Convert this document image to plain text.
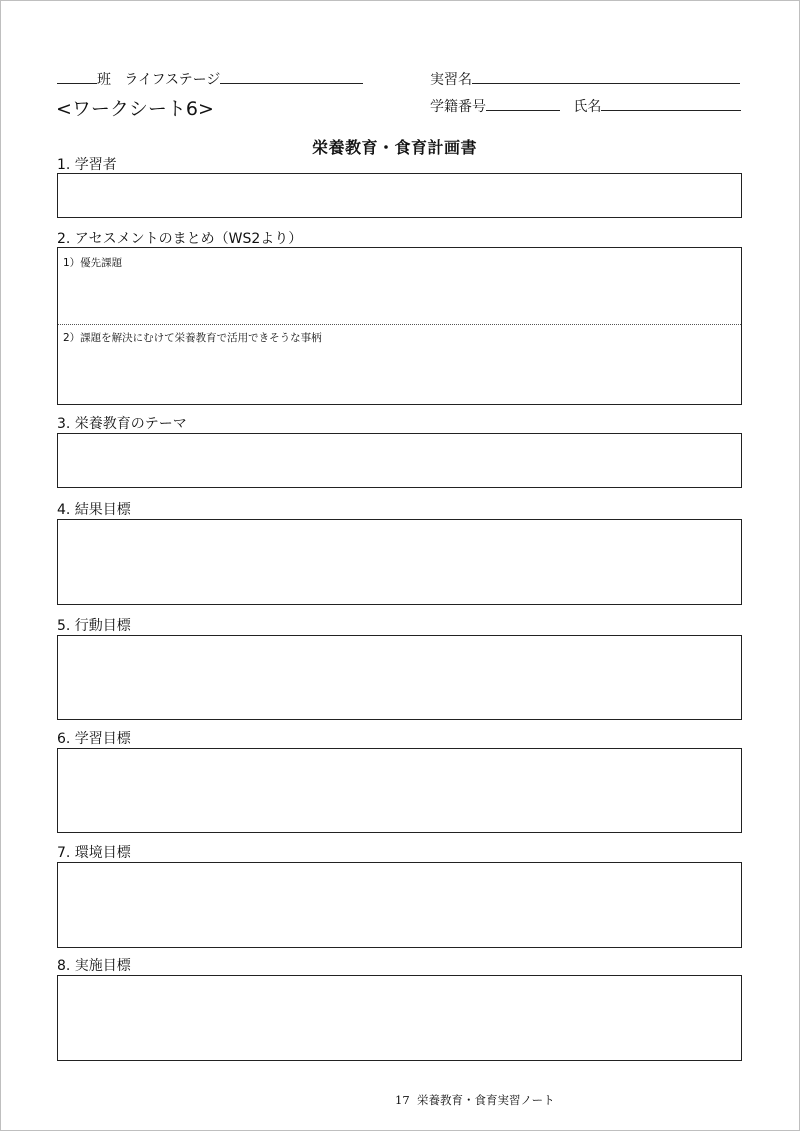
班 ライフステージ
<ワークシート6>
実習名
学籍番号	氏名
栄養教育・食育計画書
1. 学習者
2. アセスメントのまとめ（WS2より）
1）優先課題
2）課題を解決にむけて栄養教育で活用できそうな事柄
3. 栄養教育のテーマ
4. 結果目標
5. 行動目標
6. 学習目標
7. 環境目標
8. 実施目標
17 栄養教育・食育実習ノート
